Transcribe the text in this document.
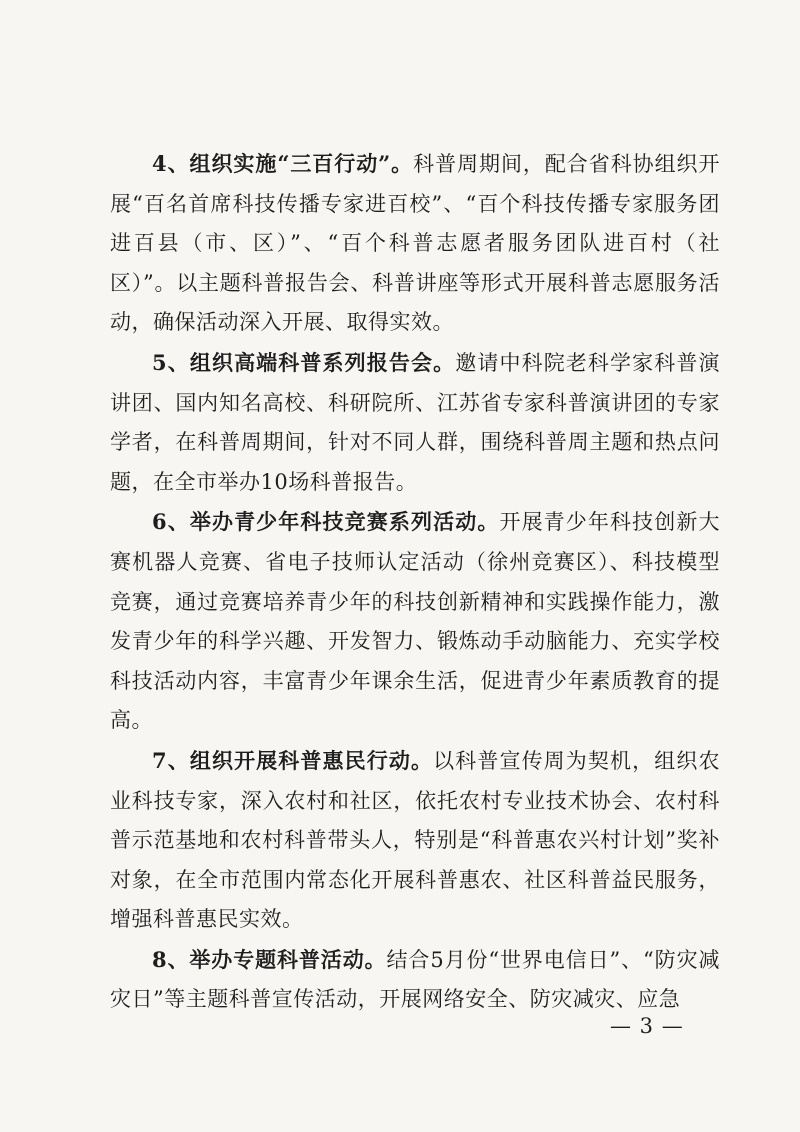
4、组织实施“三百行动”。科普周期间，配合省科协组织开展“百名首席科技传播专家进百校”、“百个科技传播专家服务团进百县（市、区）”、“百个科普志愿者服务团队进百村（社区）”。以主题科普报告会、科普讲座等形式开展科普志愿服务活动，确保活动深入开展、取得实效。

5、组织高端科普系列报告会。邀请中科院老科学家科普演讲团、国内知名高校、科研院所、江苏省专家科普演讲团的专家学者，在科普周期间，针对不同人群，围绕科普周主题和热点问题，在全市举办10场科普报告。

6、举办青少年科技竞赛系列活动。开展青少年科技创新大赛机器人竞赛、省电子技师认定活动（徐州竞赛区）、科技模型竞赛，通过竞赛培养青少年的科技创新精神和实践操作能力，激发青少年的科学兴趣、开发智力、锻炼动手动脑能力、充实学校科技活动内容，丰富青少年课余生活，促进青少年素质教育的提高。

7、组织开展科普惠民行动。以科普宣传周为契机，组织农业科技专家，深入农村和社区，依托农村专业技术协会、农村科普示范基地和农村科普带头人，特别是“科普惠农兴村计划”奖补对象，在全市范围内常态化开展科普惠农、社区科普益民服务，增强科普惠民实效。

8、举办专题科普活动。结合5月份“世界电信日”、“防灾减灾日”等主题科普宣传活动，开展网络安全、防灾减灾、应急

— 3 —
